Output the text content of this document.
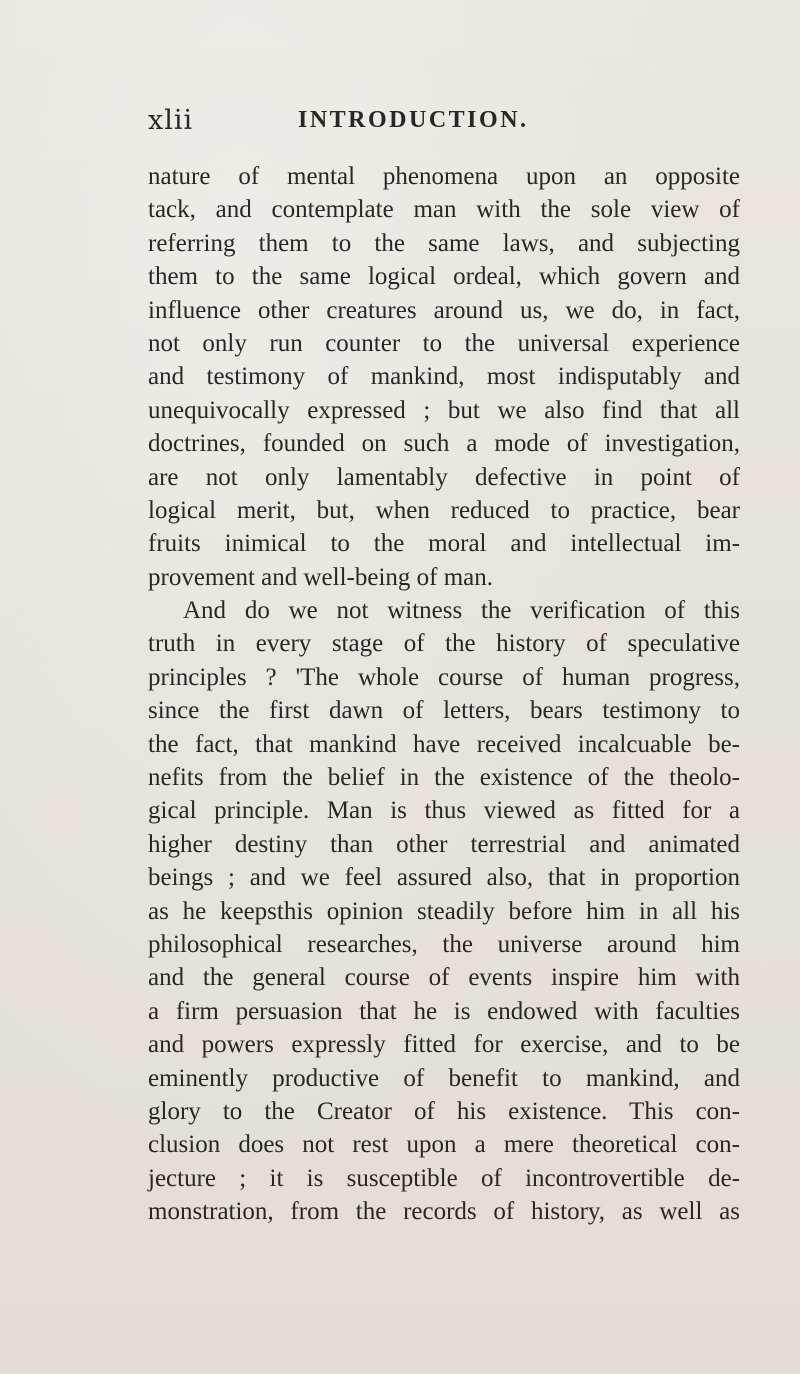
xlii	INTRODUCTION.
nature of mental phenomena upon an opposite
tack, and contemplate man with the sole view of
referring them to the same laws, and subjecting
them to the same logical ordeal, which govern and
influence other creatures around us, we do, in fact,
not only run counter to the universal experience
and testimony of mankind, most indisputably and
unequivocally expressed ; but we also find that all
doctrines, founded on such a mode of investigation,
are not only lamentably defective in point of
logical merit, but, when reduced to practice, bear
fruits inimical to the moral and intellectual im-
provement and well-being of man.
And do we not witness the verification of this
truth in every stage of the history of speculative
principles ? 'The whole course of human progress,
since the first dawn of letters, bears testimony to
the fact, that mankind have received incalcuable be-
nefits from the belief in the existence of the theolo-
gical principle. Man is thus viewed as fitted for a
higher destiny than other terrestrial and animated
beings ; and we feel assured also, that in proportion
as he keepsthis opinion steadily before him in all his
philosophical researches, the universe around him
and the general course of events inspire him with
a firm persuasion that he is endowed with faculties
and powers expressly fitted for exercise, and to be
eminently productive of benefit to mankind, and
glory to the Creator of his existence. This con-
clusion does not rest upon a mere theoretical con-
jecture ; it is susceptible of incontrovertible de-
monstration, from the records of history, as well as
